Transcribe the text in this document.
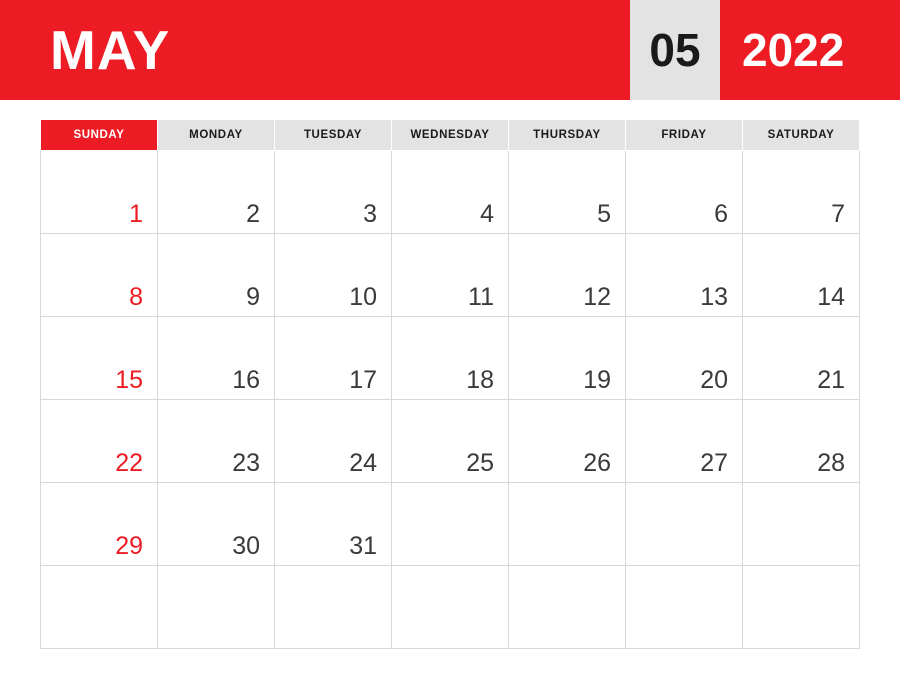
MAY	05 2022
SUNDAY	MONDAY	TUESDAY	WEDNESDAY	THURSDAY	FRIDAY	SATURDAY
1	2	3	4	5	6	7
8	9	10	11	12	13	14
15	16	17	18	19	20	21
22	23	24	25	26	27	28
29	30	31				
